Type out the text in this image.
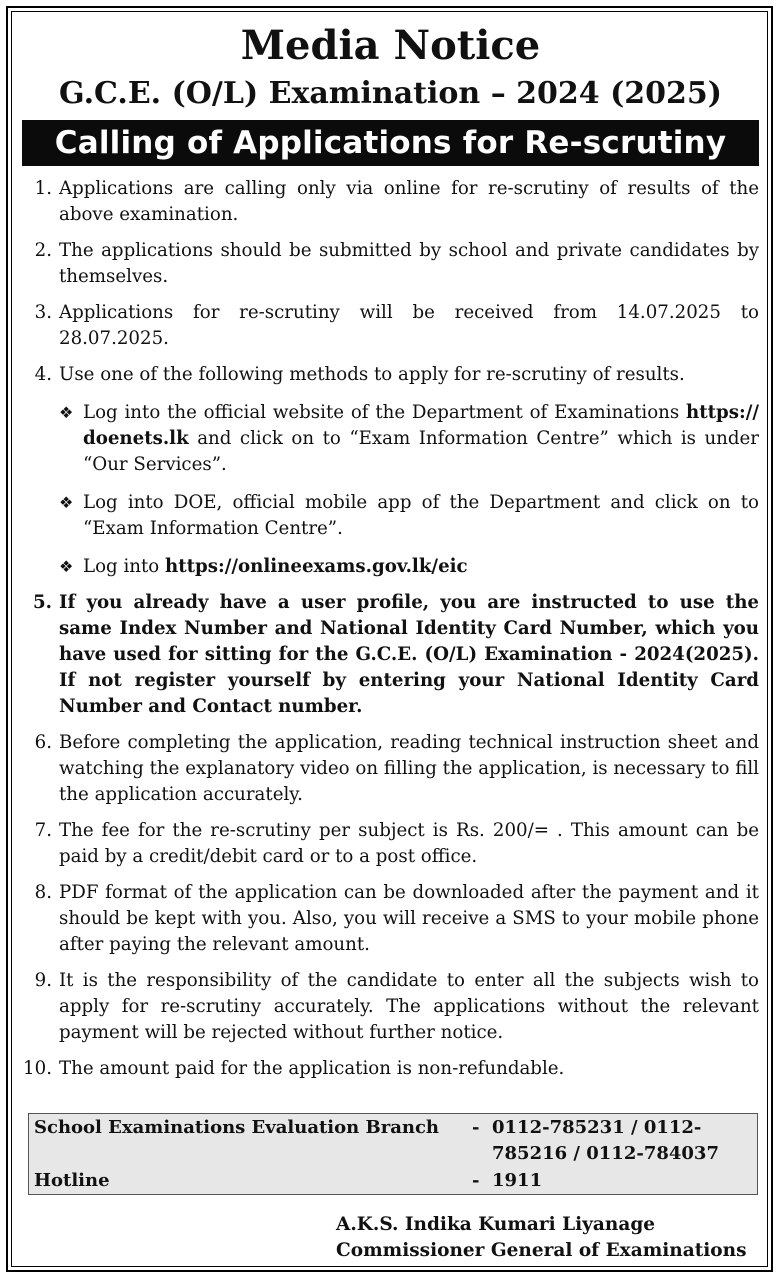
Media Notice
G.C.E. (O/L) Examination – 2024 (2025)
Calling of Applications for Re-scrutiny
1 . Applications are calling only via online for re-scrutiny of results of the above examination.
2 . The applications should be submitted by school and private candidates by themselves.
3 . Applications for re-scrutiny will be received from 14.07.2025 to 28.07.2025.
4 . Use one of the following methods to apply for re-scrutiny of results.
❖ Log into the official website of the Department of Examinations https:// doenets.lk and click on to “Exam Information Centre” which is under “Our Services”.
❖ Log into DOE, official mobile app of the Department and click on to “Exam Information Centre”.
❖ Log into https://onlineexams.gov.lk/eic
5 . If you already have a user profile, you are instructed to use the same Index Number and National Identity Card Number, which you have used for sitting for the G.C.E. (O/L) Examination - 2024(2025). If not register yourself by entering your National Identity Card Number and Contact number.
6 . Before completing the application, reading technical instruction sheet and watching the explanatory video on filling the application, is necessary to fill the application accurately.
7 . The fee for the re-scrutiny per subject is Rs. 200/= . This amount can be paid by a credit/debit card or to a post office.
8 . PDF format of the application can be downloaded after the payment and it should be kept with you. Also, you will receive a SMS to your mobile phone after paying the relevant amount.
9 . It is the responsibility of the candidate to enter all the subjects wish to apply for re-scrutiny accurately. The applications without the relevant payment will be rejected without further notice.
10 . The amount paid for the application is non-refundable.
School Examinations Evaluation Branch - 0112-785231 / 0112-785216 / 0112-784037
Hotline	- 1911
A.K.S. Indika Kumari Liyanage
Commissioner General of Examinations
